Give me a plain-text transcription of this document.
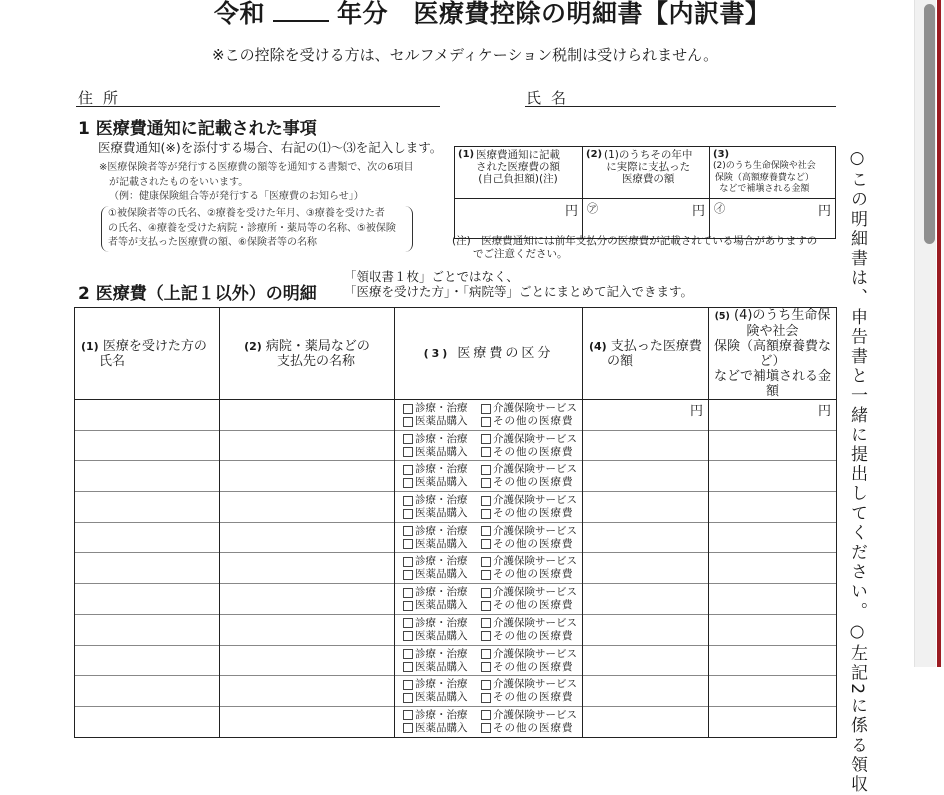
令和	年分　医療費控除の明細書【内訳書】
※この控除を受ける方は、セルフメディケーション税制は受けられません。
住所	氏名
1 医療費通知に記載された事項
医療費通知(※)を添付する場合、右記の⑴〜⑶を記入します。
※医療保険者等が発行する医療費の額等を通知する書類で、次の6項目
が記載されたものをいいます。
（例：健康保険組合等が発行する「医療費のお知らせ」）
①被保険者等の氏名、②療養を受けた年月、③療養を受けた者
の氏名、④療養を受けた病院・診療所・薬局等の名称、⑤被保険
者等が支払った医療費の額、⑥保険者等の名称
(1) 医療費通知に記載
された医療費の額
(自己負担額)(注)	(2) (1)のうちその年中
に実際に支払った
医療費の額	(3)
(2)のうち生命保険や社会
保険（高額療養費など）
などで補塡される金額

円	㋐ 円	㋑ 円
(注)　医療費通知には前年支払分の医療費が記載されている場合がありますの
でご注意ください。
2 医療費（上記１以外）の明細
「領収書１枚」ごとではなく、
「医療を受けた方」・「病院等」ごとにまとめて記入できます。
(1) 医療を受けた方の
氏名	(2) 病院・薬局などの
支払先の名称	(3) 医療費の区分	(4) 支払った医療費
の額	(5) (4)のうち生命保険や社会
保険（高額療養費など）
などで補塡される金額

		診療・治療 介護保険サービス
医薬品購入 その他の医療費	円	円

		診療・治療 介護保険サービス
医薬品購入 その他の医療費		

		診療・治療 介護保険サービス
医薬品購入 その他の医療費		

		診療・治療 介護保険サービス
医薬品購入 その他の医療費		

		診療・治療 介護保険サービス
医薬品購入 その他の医療費		

		診療・治療 介護保険サービス
医薬品購入 その他の医療費		

		診療・治療 介護保険サービス
医薬品購入 その他の医療費		

		診療・治療 介護保険サービス
医薬品購入 その他の医療費		

		診療・治療 介護保険サービス
医薬品購入 その他の医療費		

		診療・治療 介護保険サービス
医薬品購入 その他の医療費		

		診療・治療 介護保険サービス
医薬品購入 その他の医療費		

		○この明細書は、申告書と一緒に提出してください。○左記2に係る領収
